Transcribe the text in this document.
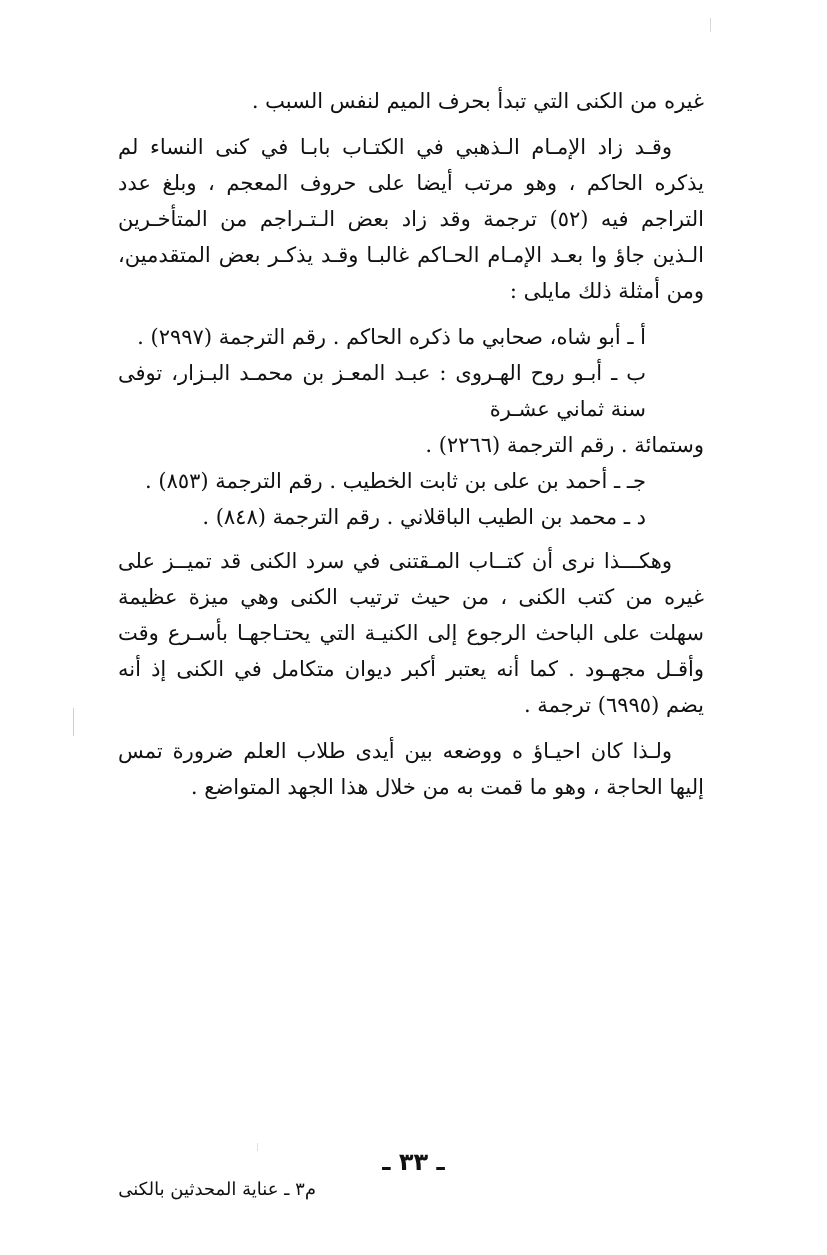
غيره من الكنى التي تبدأ بحرف الميم لنفس السبب .

وقـد زاد الإمـام الـذهبي في الكتـاب بابـا في كنى النساء لم يذكره الحاكم ، وهو مرتب أيضا على حروف المعجم ، وبلغ عدد التراجم فيه (٥٢) ترجمة وقد زاد بعض الـتـراجم من المتأخـرين الـذين جاؤ وا بعـد الإمـام الحـاكم غالبـا وقـد يذكـر بعض المتقدمين، ومن أمثلة ذلك مايلى :

أ ـ أبو شاه، صحابي ما ذكره الحاكم . رقم الترجمة (٢٩٩٧) .

ب ـ أبـو روح الهـروى : عبـد المعـز بن محمـد البـزار، توفى سنة ثماني عشـرة
وستمائة . رقم الترجمة (٢٢٦٦) .

جـ ـ أحمد بن على بن ثابت الخطيب . رقم الترجمة (٨٥٣) .

د ـ محمد بن الطيب الباقلاني . رقم الترجمة (٨٤٨) .

وهكـــذا نرى أن كتــاب المـقتنى في سرد الكنى قد تميــز على غيره من كتب الكنى ، من حيث ترتيب الكنى وهي ميزة عظيمة سهلت على الباحث الرجوع إلى الكنيـة التي يحتـاجهـا بأسـرع وقت وأقـل مجهـود . كما أنه يعتبر أكبر ديوان متكامل في الكنى إذ أنه يضم (٦٩٩٥) ترجمة .

ولـذا كان احيـاؤ ه ووضعه بين أيدى طلاب العلم ضرورة تمس إليها الحاجة ، وهو ما قمت به من خلال هذا الجهد المتواضع .

ـ ٣٣ ـ
م٣ ـ عناية المحدثين بالكنى
